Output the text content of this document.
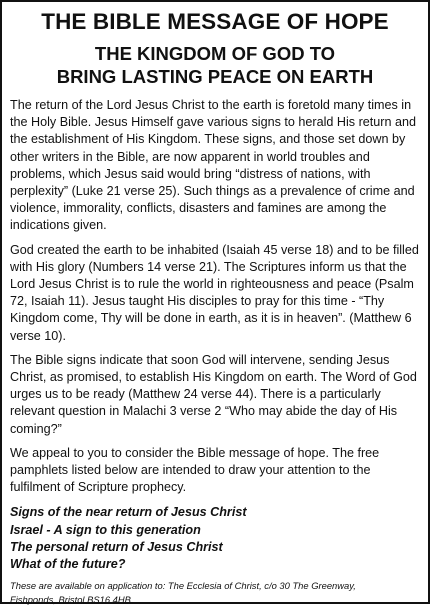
THE BIBLE MESSAGE OF HOPE
THE KINGDOM OF GOD TO
BRING LASTING PEACE ON EARTH

The return of the Lord Jesus Christ to the earth is foretold many times in the Holy Bible. Jesus Himself gave various signs to herald His return and the establishment of His Kingdom. These signs, and those set down by other writers in the Bible, are now apparent in world troubles and problems, which Jesus said would bring “distress of nations, with perplexity” (Luke 21 verse 25). Such things as a prevalence of crime and violence, immorality, conflicts, disasters and famines are among the indications given.

God created the earth to be inhabited (Isaiah 45 verse 18) and to be filled with His glory (Numbers 14 verse 21). The Scriptures inform us that the Lord Jesus Christ is to rule the world in righteousness and peace (Psalm 72, Isaiah 11). Jesus taught His disciples to pray for this time - “Thy Kingdom come, Thy will be done in earth, as it is in heaven”. (Matthew 6 verse 10).

The Bible signs indicate that soon God will intervene, sending Jesus Christ, as promised, to establish His Kingdom on earth. The Word of God urges us to be ready (Matthew 24 verse 44). There is a particularly relevant question in Malachi 3 verse 2 “Who may abide the day of His coming?”

We appeal to you to consider the Bible message of hope. The free pamphlets listed below are intended to draw your attention to the fulfilment of Scripture prophecy.

Signs of the near return of Jesus Christ
Israel - A sign to this generation
The personal return of Jesus Christ
What of the future?
These are available on application to: The Ecclesia of Christ, c/o 30 The Greenway,
Fishponds, Bristol BS16 4HB.
